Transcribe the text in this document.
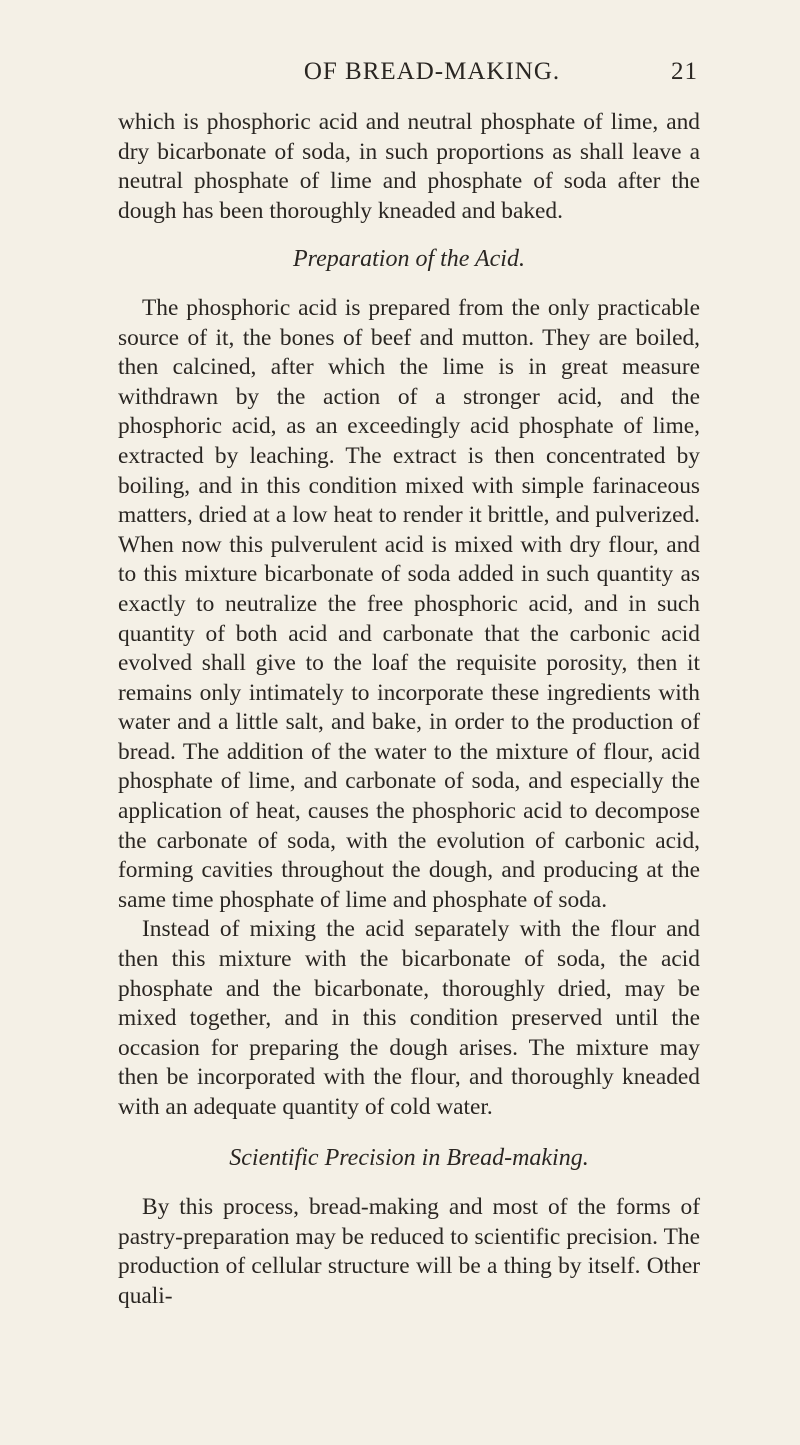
OF BREAD-MAKING.	21

which is phosphoric acid and neutral phosphate of lime, and dry bicarbonate of soda, in such proportions as shall leave a neutral phosphate of lime and phosphate of soda after the dough has been thoroughly kneaded and baked.

Preparation of the Acid.

The phosphoric acid is prepared from the only practicable source of it, the bones of beef and mutton. They are boiled, then calcined, after which the lime is in great measure withdrawn by the action of a stronger acid, and the phosphoric acid, as an exceedingly acid phosphate of lime, extracted by leaching. The extract is then concentrated by boiling, and in this condition mixed with simple farinaceous matters, dried at a low heat to render it brittle, and pulverized. When now this pulverulent acid is mixed with dry flour, and to this mixture bicarbonate of soda added in such quantity as exactly to neutralize the free phosphoric acid, and in such quantity of both acid and carbonate that the carbonic acid evolved shall give to the loaf the requisite porosity, then it remains only intimately to incorporate these ingredients with water and a little salt, and bake, in order to the production of bread. The addition of the water to the mixture of flour, acid phosphate of lime, and carbonate of soda, and especially the application of heat, causes the phosphoric acid to decompose the carbonate of soda, with the evolution of carbonic acid, forming cavities throughout the dough, and producing at the same time phosphate of lime and phosphate of soda.

Instead of mixing the acid separately with the flour and then this mixture with the bicarbonate of soda, the acid phosphate and the bicarbonate, thoroughly dried, may be mixed together, and in this condition preserved until the occasion for preparing the dough arises. The mixture may then be incorporated with the flour, and thoroughly kneaded with an adequate quantity of cold water.

Scientific Precision in Bread-making.

By this process, bread-making and most of the forms of pastry-preparation may be reduced to scientific precision. The production of cellular structure will be a thing by itself. Other quali-
